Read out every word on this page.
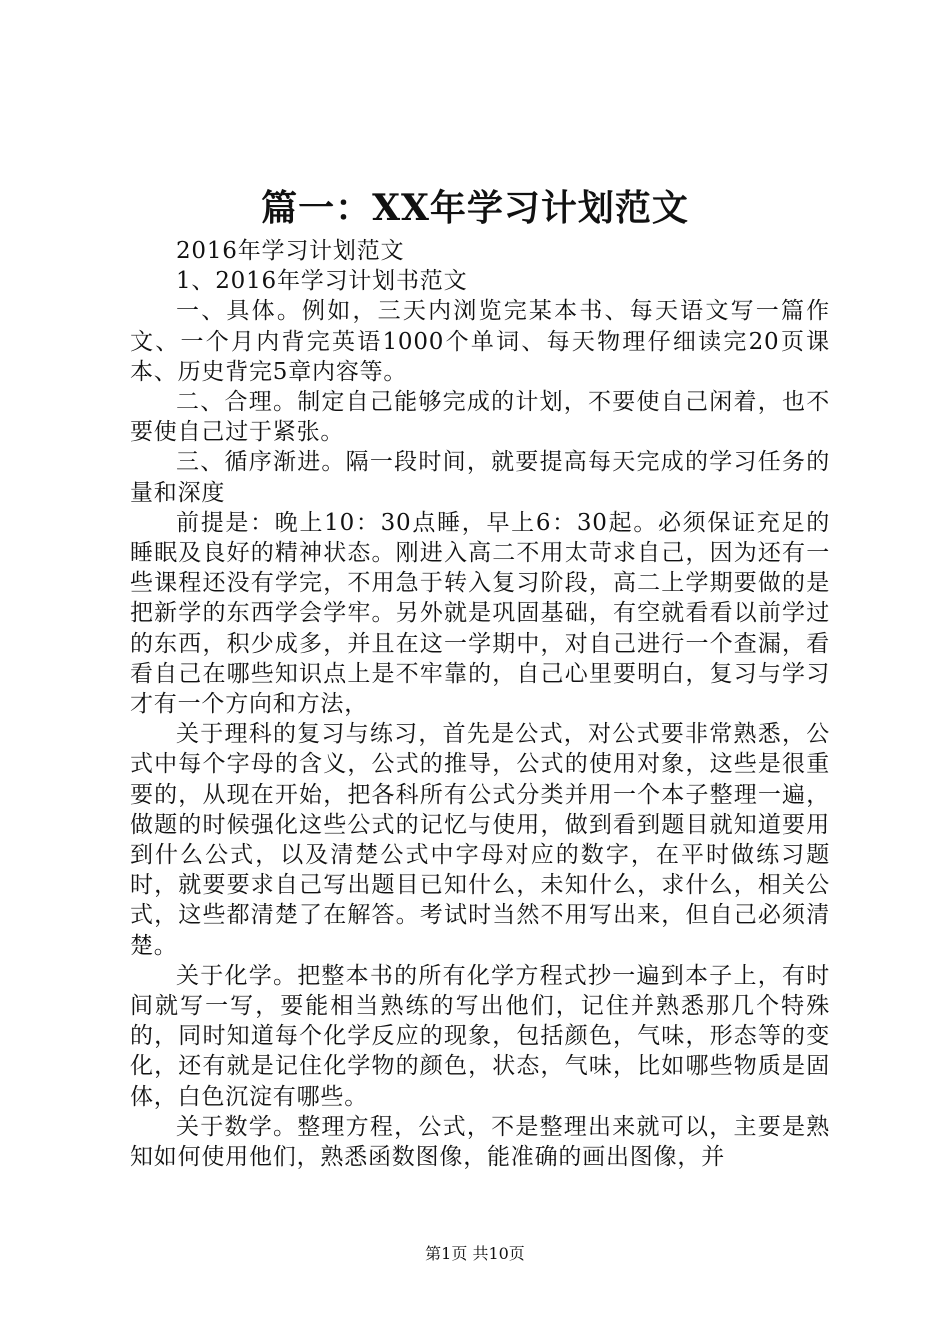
篇一：XX年学习计划范文

2016年学习计划范文

1、2016年学习计划书范文

一、具体。例如，三天内浏览完某本书、每天语文写一篇作文、一个月内背完英语1000个单词、每天物理仔细读完20页课本、历史背完5章内容等。

二、合理。制定自己能够完成的计划，不要使自己闲着，也不要使自己过于紧张。

三、循序渐进。隔一段时间，就要提高每天完成的学习任务的量和深度

前提是：晚上10：30点睡，早上6：30起。必须保证充足的睡眠及良好的精神状态。刚进入高二不用太苛求自己，因为还有一些课程还没有学完，不用急于转入复习阶段，高二上学期要做的是把新学的东西学会学牢。另外就是巩固基础，有空就看看以前学过的东西，积少成多，并且在这一学期中，对自己进行一个查漏，看看自己在哪些知识点上是不牢靠的，自己心里要明白，复习与学习才有一个方向和方法，

关于理科的复习与练习，首先是公式，对公式要非常熟悉，公式中每个字母的含义，公式的推导，公式的使用对象，这些是很重要的，从现在开始，把各科所有公式分类并用一个本子整理一遍，做题的时候强化这些公式的记忆与使用，做到看到题目就知道要用到什么公式，以及清楚公式中字母对应的数字，在平时做练习题时，就要要求自己写出题目已知什么，未知什么，求什么，相关公式，这些都清楚了在解答。考试时当然不用写出来，但自己必须清楚。

关于化学。把整本书的所有化学方程式抄一遍到本子上，有时间就写一写，要能相当熟练的写出他们，记住并熟悉那几个特殊的，同时知道每个化学反应的现象，包括颜色，气味，形态等的变化，还有就是记住化学物的颜色，状态，气味，比如哪些物质是固体，白色沉淀有哪些。

关于数学。整理方程，公式，不是整理出来就可以，主要是熟知如何使用他们，熟悉函数图像，能准确的画出图像，并

第1页 共10页
